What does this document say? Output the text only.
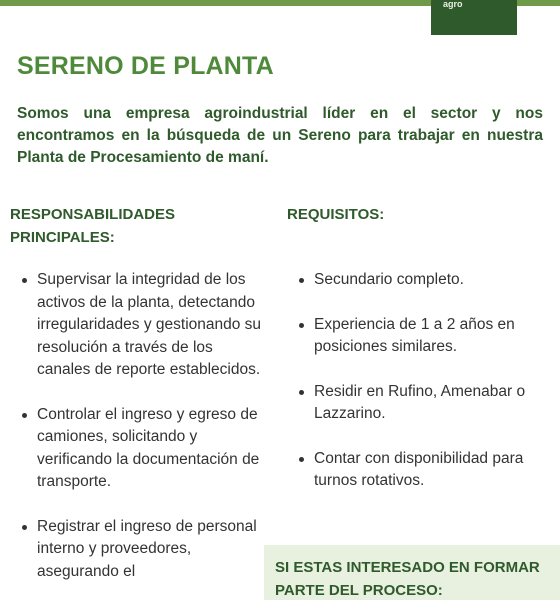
agro
SERENO DE PLANTA

Somos una empresa agroindustrial líder en el sector y nos encontramos en la búsqueda de un Sereno para trabajar en nuestra Planta de Procesamiento de maní.

RESPONSABILIDADES PRINCIPALES:
REQUISITOS:
Supervisar la integridad de los activos de la planta, detectando irregularidades y gestionando su resolución a través de los canales de reporte establecidos.
Controlar el ingreso y egreso de camiones, solicitando y verificando la documentación de transporte.
Registrar el ingreso de personal interno y proveedores, asegurando el
Secundario completo.
Experiencia de 1 a 2 años en posiciones similares.
Residir en Rufino, Amenabar o Lazzarino.
Contar con disponibilidad para turnos rotativos.

SI ESTAS INTERESADO EN FORMAR PARTE DEL PROCESO:
